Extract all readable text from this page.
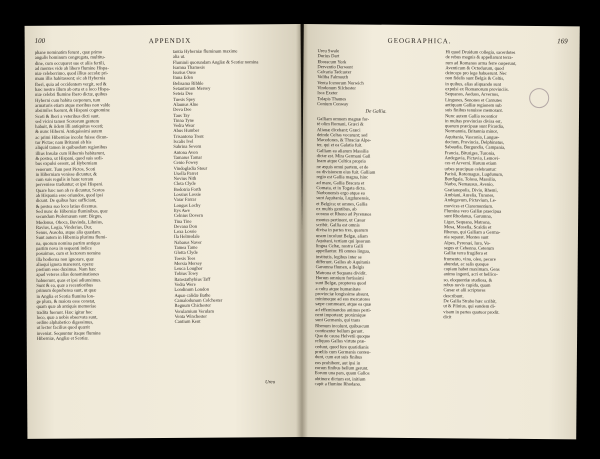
100	APPENDIX
phane nominatim ferunt , quæ primo
angulis hominum congregata, multitu-
dine, cum occuparet sue et aliis fertili,
ad montes vide ab libero flumine Hispa-
niæ celeberrimo, quod illius accolæ pri-
mum illis habitassent; sic ab Hybernia
Iberi, quia ad occidentem vergit, sed &
hæc nostro illum ab ortu et a loco Hispa-
niæ celebri flumine Ibero dictæ, quibus
Hyberni cum habitu corporum, tum
armaturis etiam atque moribus non valde
absimiles fuerunt, & Hispani cognomine
Scoti & Iberi a veteribus dicti sunt.
sed vicini tamen Scotorum gentem
habuit, & iidem illi antiquitus vocati;
& nunc Hiberni. Antiquissimi autem
ac primi Hiberniae incolæ fuisse dicun-
tur Pictae; nam Britanni ab his
aliquid tamen in quibusdam regionibus
illius Insulæ cum Hibernis habitarunt,
& postea, ut Hispani, quod suis sedi-
bus expulsi essent, ad Hyberniam
venerunt. Tum post Pictos, Scoti
in Hiberniam venisse dicuntur, &
cum suis regulis in hanc terram
pervenisse traduntur; et ipsi Hispani.
Quare hæc non ab re dicuntur, Scotos
ab Hispania esse oriundos, quod ipsi
dicunt. De quibus hæc sufficiant,
& postea suo loco latius dicemus.
Sed nunc de Hiberniæ fluminibus, quæ
secundum Ptolemæum sunt: Birgus,
Modonus, Oboca, Buvinda, Libnius,
Ravius, Logia, Vinderius, Dur,
Senus, Ausoba, atque alia quædam.
Sunt autem in Hibernia plurima flumi-
na, quorum nomina partim antiqua
partim nova in sequenti indice
posuimus, cum et lectorem nomina
illa hodierna non ignorare, quæ
alioqui ignota manerent, operæ
pretium esse duximus. Nam hæc
apud veteres alias denominationes
habuerunt, quas et ipsi adiunximus.
Sunt & ea, quæ a recentioribus
primum deprehensa sunt, ut quæ
in Anglia et Scotia flumina lon-
ge plura, & maiora esse constat,
quam quæ ab antiquis memoriae
tradita fuerunt. Hæc igitur hoc
loco, quæ a nobis observata sunt,
ordine alphabetico digessimus,
ut lector facilius quod quærit
inveniat. Sequuntur itaque flumina
Hiberniæ, Angliæ et Scotiæ.
tantia Hyberniæ fluminum maxime
alia ut.
Fluminii quorundam Angliæ & Scotiæ nomina
Isamna Thamesis
Isurius Ouse
Ituna Eden
Belisama Ribble
Setantiorum Mersey
Seteia Dee
Tuesis Spey
Alaunus Alne
Deva Dee
Taus Tay
Tinna Tyne
Vedra Wear
Abus Humber
Trisantona Trent
Iscalis Ivel
Sabrina Severn
Antona Avon
Tamarus Tamar
Cenio Fowey
Vindogladia Stour
Uxella Parret
Novius Nith
Clota Clyde
Bodotria Forth
Lossius Lossie
Varar Farrar
Longus Lochy
Itys Awe
Celnius Dovern
Tina Tine
Devana Don
Loxa Lossie
Ila Helmsdale
Nabarus Naver
Tamea Tame
Glotta Clyde
Toesis Tees
Mersia Mersey
Leuca Loughor
Tobius Towy
Ratostathybius Taff
Vedra Were
Londinum London
Aquæ calidæ Bathe
Camalodunum Colchester
Regnum Chichester
Verulamium Verulam
Venta Winchester
Cantium Kent
Ureu
GEOGRAPHICA.	169
Ureu Swale
Durius Dart
Eboracum York
Derventio Derwent
Calcaria Tadcaster
Voliba Falmouth
Venta Icenorum Norwich
Vindonum Silchester
Isca Exeter
Tolapis Thames
Conium Conway
De Gallia.
Galliam omnem magnæ for-
tè olim Romani, Græci &
Alianæ dicebant; Græci
deinde Celtas vocarunt; sed
Macedones, & Thraciæ Alpe-
ter, qui et ea Galatia fuit.
Galliam ea aliarum Massilia
dictæ est. Mira Germani Gall
Inam atque Celtica propria
ne æquis omni partem, et de
ea divisionem eius fuit. Galliam
regio est Gallia magna, hinc
ad mare, Gallia Bracata et
Comata, et in Togata dicta.
Narbonensis ergo atque ea
sunt Aquitania, Lugdunensis,
et Belgica; ut omnes, Gallia
ex multis gentibus, ab
oceano et Rheno ad Pyrenæos
montes pertinent, ut Cæsar
scribit. Gallia est omnis
divisa in partes tres, quarum
unam incolunt Belgæ, aliam
Aquitani, tertiam qui ipsorum
lingua Celtæ, nostra Galli
appellantur. Hi omnes lingua,
institutis, legibus inter se
differunt. Gallos ab Aquitanis
Garumna flumen, a Belgis
Matrona et Sequana dividit.
Horum omnium fortissimi
sunt Belgæ, propterea quod
a cultu atque humanitate
provinciæ longissime absunt,
minimeque ad eos mercatores
sæpe commeant, atque ea quæ
ad effeminandos animos perti-
nent important; proximique
sunt Germanis, qui trans
Rhenum incolunt, quibuscum
continenter bellum gerunt.
Qua de causa Helvetii quoque
reliquos Gallos virtute præ-
cedunt, quod fere quotidianis
prœliis cum Germanis conten-
dunt, cum aut suis finibus
eos prohibent, aut ipsi in
eorum finibus bellum gerunt.
Eorum una pars, quam Gallos
obtinere dictum est, initium
capit a flumine Rhodano.
Hi quod Druidum collegia, sacerdotes
de rebus magnis & appellarunt terra-
rum ad Romanos arma ferre cœperunt,
Aventicum & Octodurum, quod
deinceps pro lege habuerunt. Nec
non fidelis sunt Belgis & Celtis,
in quibus, alias aliquando sunt
expulsi ex Romanorum provinciis.
Sequanos, Aeduos, Arvernos,
Lingones, Senones et Carnutes
antiquam Galliæ regionem sub
suis finibus tenuisse memorant.
Nunc autem Gallia recentior
in multas provincias divisa est,
quarum præcipuæ sunt Picardia,
Normannia, Britannia minor,
Aquitania, Vasconia, Langue-
docium, Provincia, Delphinatus,
Sabaudia, Burgundia, Campania,
Francia, Bituriges, Turonia,
Andegavia, Pictavia, Lemovi-
ces et Arverni. Harum etiam
urbes præcipuæ celebrantur:
Parisii, Rotomagus, Lugdunum,
Burdigala, Tolosa, Massilia,
Narbo, Nemausus, Avenio,
Gratianopolis, Divio, Rhemi,
Ambiani, Aurelia, Turones,
Andegavum, Pictavium, Le-
movices et Claromontium.
Flumina vero Galliæ praecipua
sunt Rhodanus, Garumna,
Liger, Sequana, Matrona,
Mosa, Mosella, Scaldis et
Rhenus, qui Galliam a Germa-
nia separat. Montes sunt
Alpes, Pyrenæi, Iura, Vo-
segus et Cebenna. Ceterum
Galliæ terra frugifera et
frumento, vino, oleo, pecore
abundat, ac salis quoque
copiam habet maximam. Gens
animo ingenti, acri et bellico-
so, eloquentiæ studiosa, &
rebus novis cupida, quam
Cæsar et alii scriptores
describunt.
De Gallia Strabo hæc scribit,
ut & Plinius, qui eandem di-
visam in partes quatuor prodit.
dicit
